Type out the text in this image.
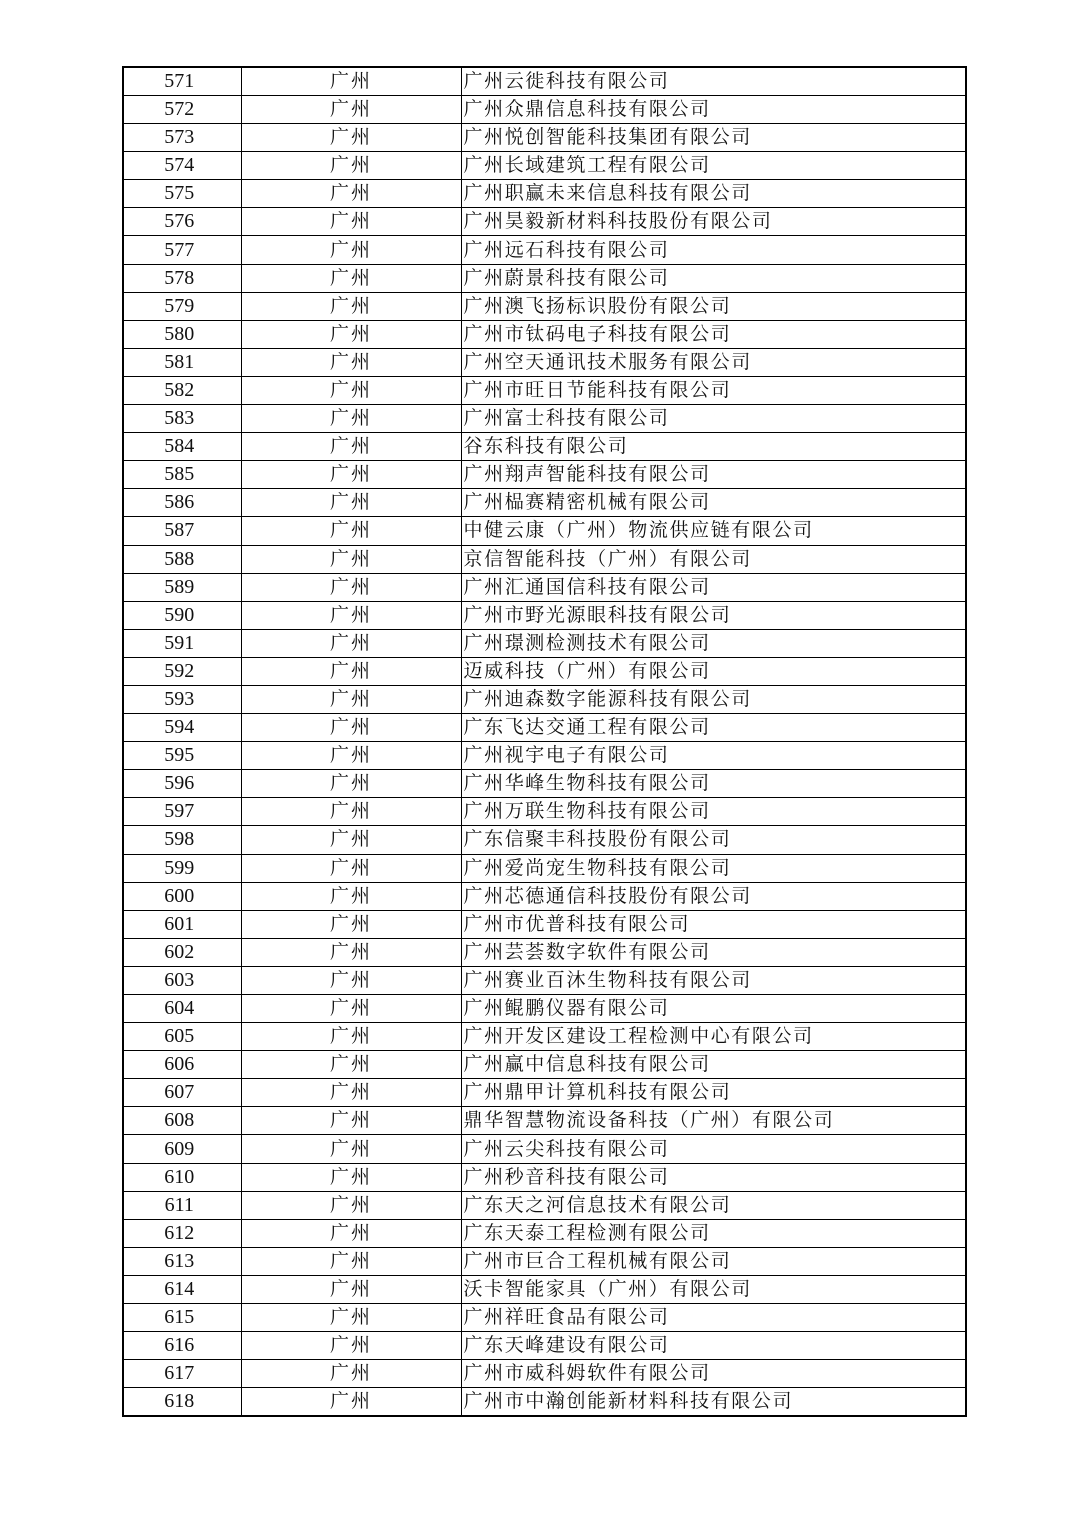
571	广州	广州云徙科技有限公司
572	广州	广州众鼎信息科技有限公司
573	广州	广州悦创智能科技集团有限公司
574	广州	广州长域建筑工程有限公司
575	广州	广州职赢未来信息科技有限公司
576	广州	广州昊毅新材料科技股份有限公司
577	广州	广州远石科技有限公司
578	广州	广州蔚景科技有限公司
579	广州	广州澳飞扬标识股份有限公司
580	广州	广州市钛码电子科技有限公司
581	广州	广州空天通讯技术服务有限公司
582	广州	广州市旺日节能科技有限公司
583	广州	广州富士科技有限公司
584	广州	谷东科技有限公司
585	广州	广州翔声智能科技有限公司
586	广州	广州榀赛精密机械有限公司
587	广州	中健云康（广州）物流供应链有限公司
588	广州	京信智能科技（广州）有限公司
589	广州	广州汇通国信科技有限公司
590	广州	广州市野光源眼科技有限公司
591	广州	广州璟测检测技术有限公司
592	广州	迈威科技（广州）有限公司
593	广州	广州迪森数字能源科技有限公司
594	广州	广东飞达交通工程有限公司
595	广州	广州视宇电子有限公司
596	广州	广州华峰生物科技有限公司
597	广州	广州万联生物科技有限公司
598	广州	广东信聚丰科技股份有限公司
599	广州	广州爱尚宠生物科技有限公司
600	广州	广州芯德通信科技股份有限公司
601	广州	广州市优普科技有限公司
602	广州	广州芸荟数字软件有限公司
603	广州	广州赛业百沐生物科技有限公司
604	广州	广州鲲鹏仪器有限公司
605	广州	广州开发区建设工程检测中心有限公司
606	广州	广州赢中信息科技有限公司
607	广州	广州鼎甲计算机科技有限公司
608	广州	鼎华智慧物流设备科技（广州）有限公司
609	广州	广州云尖科技有限公司
610	广州	广州秒音科技有限公司
611	广州	广东天之河信息技术有限公司
612	广州	广东天泰工程检测有限公司
613	广州	广州市巨合工程机械有限公司
614	广州	沃卡智能家具（广州）有限公司
615	广州	广州祥旺食品有限公司
616	广州	广东天峰建设有限公司
617	广州	广州市威科姆软件有限公司
618	广州	广州市中瀚创能新材料科技有限公司
